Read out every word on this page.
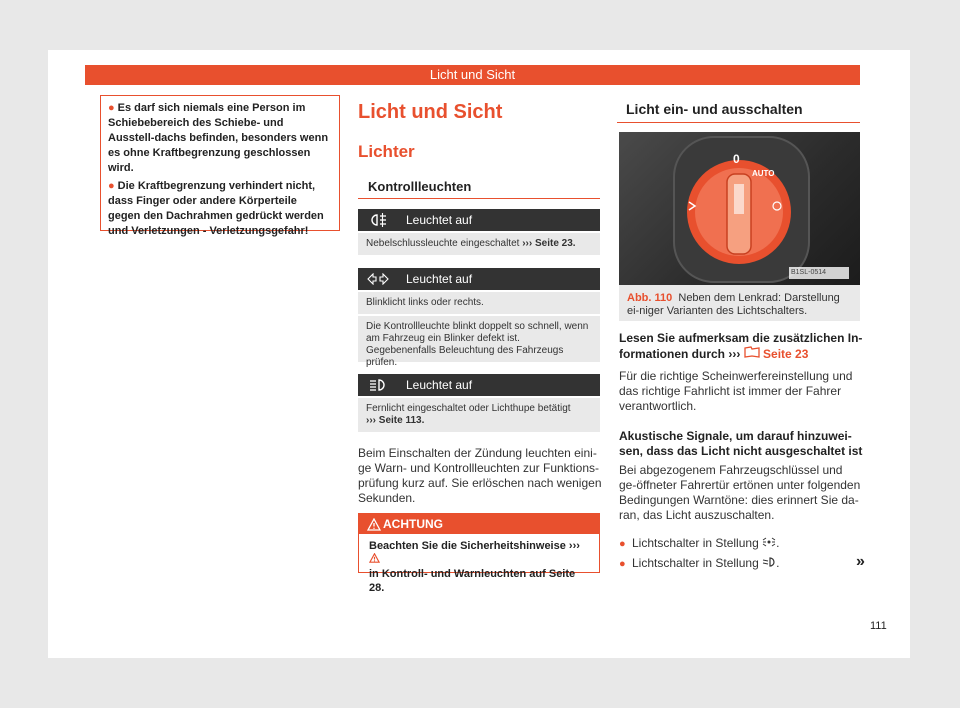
Licht und Sicht
● Es darf sich niemals eine Person im Schiebebereich des Schiebe- und Ausstell-dachs befinden, besonders wenn es ohne Kraftbegrenzung geschlossen wird.
● Die Kraftbegrenzung verhindert nicht, dass Finger oder andere Körperteile gegen den Dachrahmen gedrückt werden und Verletzungen - Verletzungsgefahr!
Licht und Sicht
Lichter
Kontrollleuchten
Leuchtet auf
Nebelschlussleuchte eingeschaltet ››› Seite 23.
Leuchtet auf
Blinklicht links oder rechts.
Die Kontrollleuchte blinkt doppelt so schnell, wenn am Fahrzeug ein Blinker defekt ist. Gegebenenfalls Beleuchtung des Fahrzeugs prüfen.
Leuchtet auf
Fernlicht eingeschaltet oder Lichthupe betätigt
››› Seite 113.
Beim Einschalten der Zündung leuchten eini-ge Warn- und Kontrollleuchten zur Funktions-prüfung kurz auf. Sie erlöschen nach wenigen Sekunden.
ACHTUNG
Beachten Sie die Sicherheitshinweise ›››
in Kontroll- und Warnleuchten auf Seite 28.
Licht ein- und ausschalten
0
AUTO
B1SL-0514
Abb. 110 Neben dem Lenkrad: Darstellung ei-niger Varianten des Lichtschalters.
Lesen Sie aufmerksam die zusätzlichen In-formationen durch ››› Seite 23
Für die richtige Scheinwerfereinstellung und das richtige Fahrlicht ist immer der Fahrer verantwortlich.
Akustische Signale, um darauf hinzuwei-sen, dass das Licht nicht ausgeschaltet ist
Bei abgezogenem Fahrzeugschlüssel und ge-öffneter Fahrertür ertönen unter folgenden Bedingungen Warntöne: dies erinnert Sie da-ran, das Licht auszuschalten.
● Lichtschalter in Stellung .
● Lichtschalter in Stellung .	»
111
